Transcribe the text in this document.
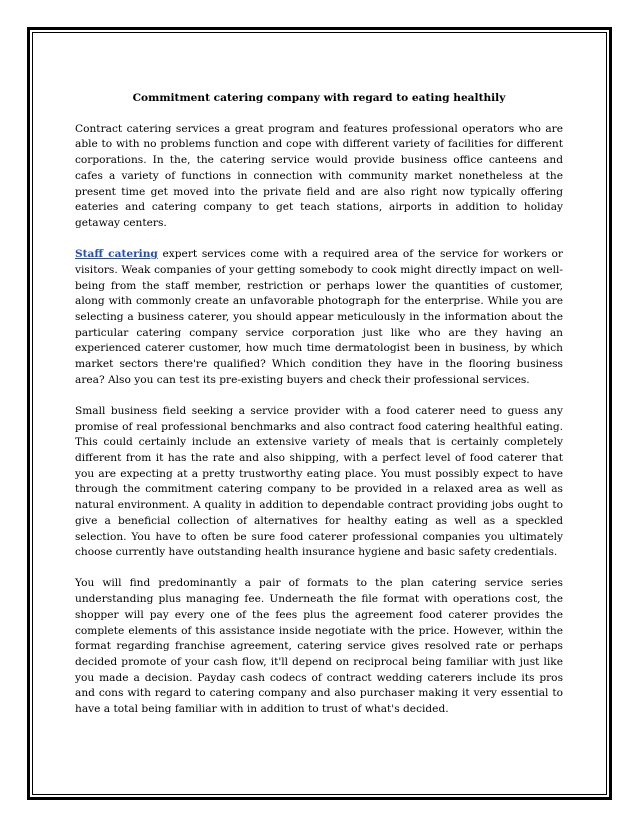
Commitment catering company with regard to eating healthily

Contract catering services a great program and features professional operators who are able to with no problems function and cope with different variety of facilities for different corporations. In the, the catering service would provide business office canteens and cafes a variety of functions in connection with community market nonetheless at the present time get moved into the private field and are also right now typically offering eateries and catering company to get teach stations, airports in addition to holiday getaway centers.

Staff catering expert services come with a required area of the service for workers or visitors. Weak companies of your getting somebody to cook might directly impact on well-being from the staff member, restriction or perhaps lower the quantities of customer, along with commonly create an unfavorable photograph for the enterprise. While you are selecting a business caterer, you should appear meticulously in the information about the particular catering company service corporation just like who are they having an experienced caterer customer, how much time dermatologist been in business, by which market sectors there're qualified? Which condition they have in the flooring business area? Also you can test its pre-existing buyers and check their professional services.

Small business field seeking a service provider with a food caterer need to guess any promise of real professional benchmarks and also contract food catering healthful eating. This could certainly include an extensive variety of meals that is certainly completely different from it has the rate and also shipping, with a perfect level of food caterer that you are expecting at a pretty trustworthy eating place. You must possibly expect to have through the commitment catering company to be provided in a relaxed area as well as natural environment. A quality in addition to dependable contract providing jobs ought to give a beneficial collection of alternatives for healthy eating as well as a speckled selection. You have to often be sure food caterer professional companies you ultimately choose currently have outstanding health insurance hygiene and basic safety credentials.

You will find predominantly a pair of formats to the plan catering service series understanding plus managing fee. Underneath the file format with operations cost, the shopper will pay every one of the fees plus the agreement food caterer provides the complete elements of this assistance inside negotiate with the price. However, within the format regarding franchise agreement, catering service gives resolved rate or perhaps decided promote of your cash flow, it'll depend on reciprocal being familiar with just like you made a decision. Payday cash codecs of contract wedding caterers include its pros and cons with regard to catering company and also purchaser making it very essential to have a total being familiar with in addition to trust of what's decided.
